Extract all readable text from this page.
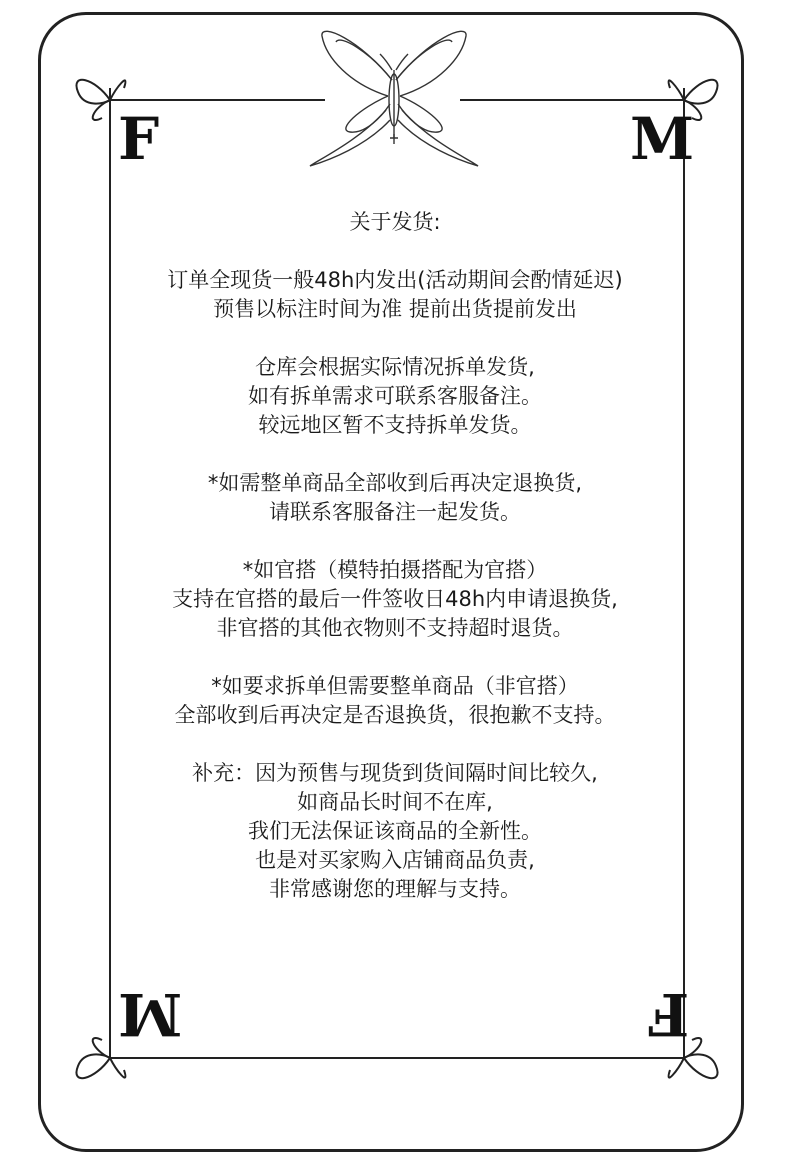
F	M
M	F
关于发货:
订单全现货一般48h内发出(活动期间会酌情延迟)
预售以标注时间为准 提前出货提前发出
仓库会根据实际情况拆单发货,
如有拆单需求可联系客服备注。
较远地区暂不支持拆单发货。
*如需整单商品全部收到后再决定退换货,
请联系客服备注一起发货。
*如官搭（模特拍摄搭配为官搭）
支持在官搭的最后一件签收日48h内申请退换货,
非官搭的其他衣物则不支持超时退货。
*如要求拆单但需要整单商品（非官搭）
全部收到后再决定是否退换货，很抱歉不支持。
补充：因为预售与现货到货间隔时间比较久,
如商品长时间不在库,
我们无法保证该商品的全新性。
也是对买家购入店铺商品负责,
非常感谢您的理解与支持。
